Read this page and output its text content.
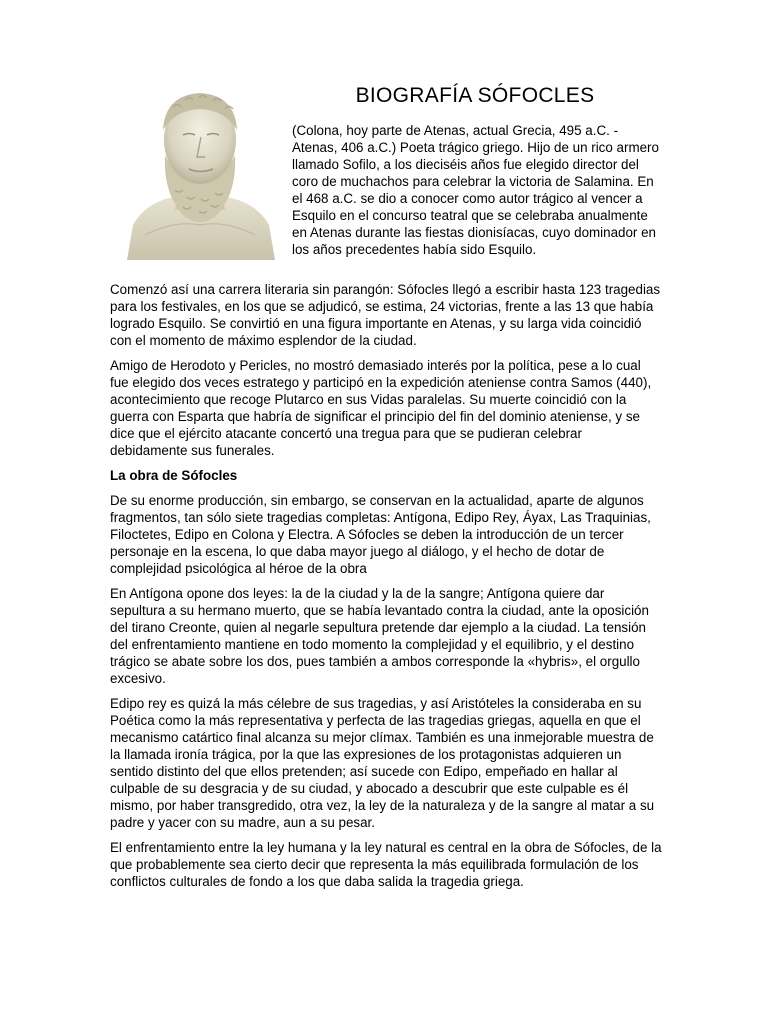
BIOGRAFÍA SÓFOCLES

(Colona, hoy parte de Atenas, actual Grecia, 495 a.C. - Atenas, 406 a.C.) Poeta trágico griego. Hijo de un rico armero llamado Sofilo, a los dieciséis años fue elegido director del coro de muchachos para celebrar la victoria de Salamina. En el 468 a.C. se dio a conocer como autor trágico al vencer a Esquilo en el concurso teatral que se celebraba anualmente en Atenas durante las fiestas dionisíacas, cuyo dominador en los años precedentes había sido Esquilo.

Comenzó así una carrera literaria sin parangón: Sófocles llegó a escribir hasta 123 tragedias para los festivales, en los que se adjudicó, se estima, 24 victorias, frente a las 13 que había logrado Esquilo. Se convirtió en una figura importante en Atenas, y su larga vida coincidió con el momento de máximo esplendor de la ciudad.

Amigo de Herodoto y Pericles, no mostró demasiado interés por la política, pese a lo cual fue elegido dos veces estratego y participó en la expedición ateniense contra Samos (440), acontecimiento que recoge Plutarco en sus Vidas paralelas. Su muerte coincidió con la guerra con Esparta que habría de significar el principio del fin del dominio ateniense, y se dice que el ejército atacante concertó una tregua para que se pudieran celebrar debidamente sus funerales.

La obra de Sófocles

De su enorme producción, sin embargo, se conservan en la actualidad, aparte de algunos fragmentos, tan sólo siete tragedias completas: Antígona, Edipo Rey, Áyax, Las Traquinias, Filoctetes, Edipo en Colona y Electra. A Sófocles se deben la introducción de un tercer personaje en la escena, lo que daba mayor juego al diálogo, y el hecho de dotar de complejidad psicológica al héroe de la obra

En Antígona opone dos leyes: la de la ciudad y la de la sangre; Antígona quiere dar sepultura a su hermano muerto, que se había levantado contra la ciudad, ante la oposición del tirano Creonte, quien al negarle sepultura pretende dar ejemplo a la ciudad. La tensión del enfrentamiento mantiene en todo momento la complejidad y el equilibrio, y el destino trágico se abate sobre los dos, pues también a ambos corresponde la «hybris», el orgullo excesivo.

Edipo rey es quizá la más célebre de sus tragedias, y así Aristóteles la consideraba en su Poética como la más representativa y perfecta de las tragedias griegas, aquella en que el mecanismo catártico final alcanza su mejor clímax. También es una inmejorable muestra de la llamada ironía trágica, por la que las expresiones de los protagonistas adquieren un sentido distinto del que ellos pretenden; así sucede con Edipo, empeñado en hallar al culpable de su desgracia y de su ciudad, y abocado a descubrir que este culpable es él mismo, por haber transgredido, otra vez, la ley de la naturaleza y de la sangre al matar a su padre y yacer con su madre, aun a su pesar.

El enfrentamiento entre la ley humana y la ley natural es central en la obra de Sófocles, de la que probablemente sea cierto decir que representa la más equilibrada formulación de los conflictos culturales de fondo a los que daba salida la tragedia griega.
